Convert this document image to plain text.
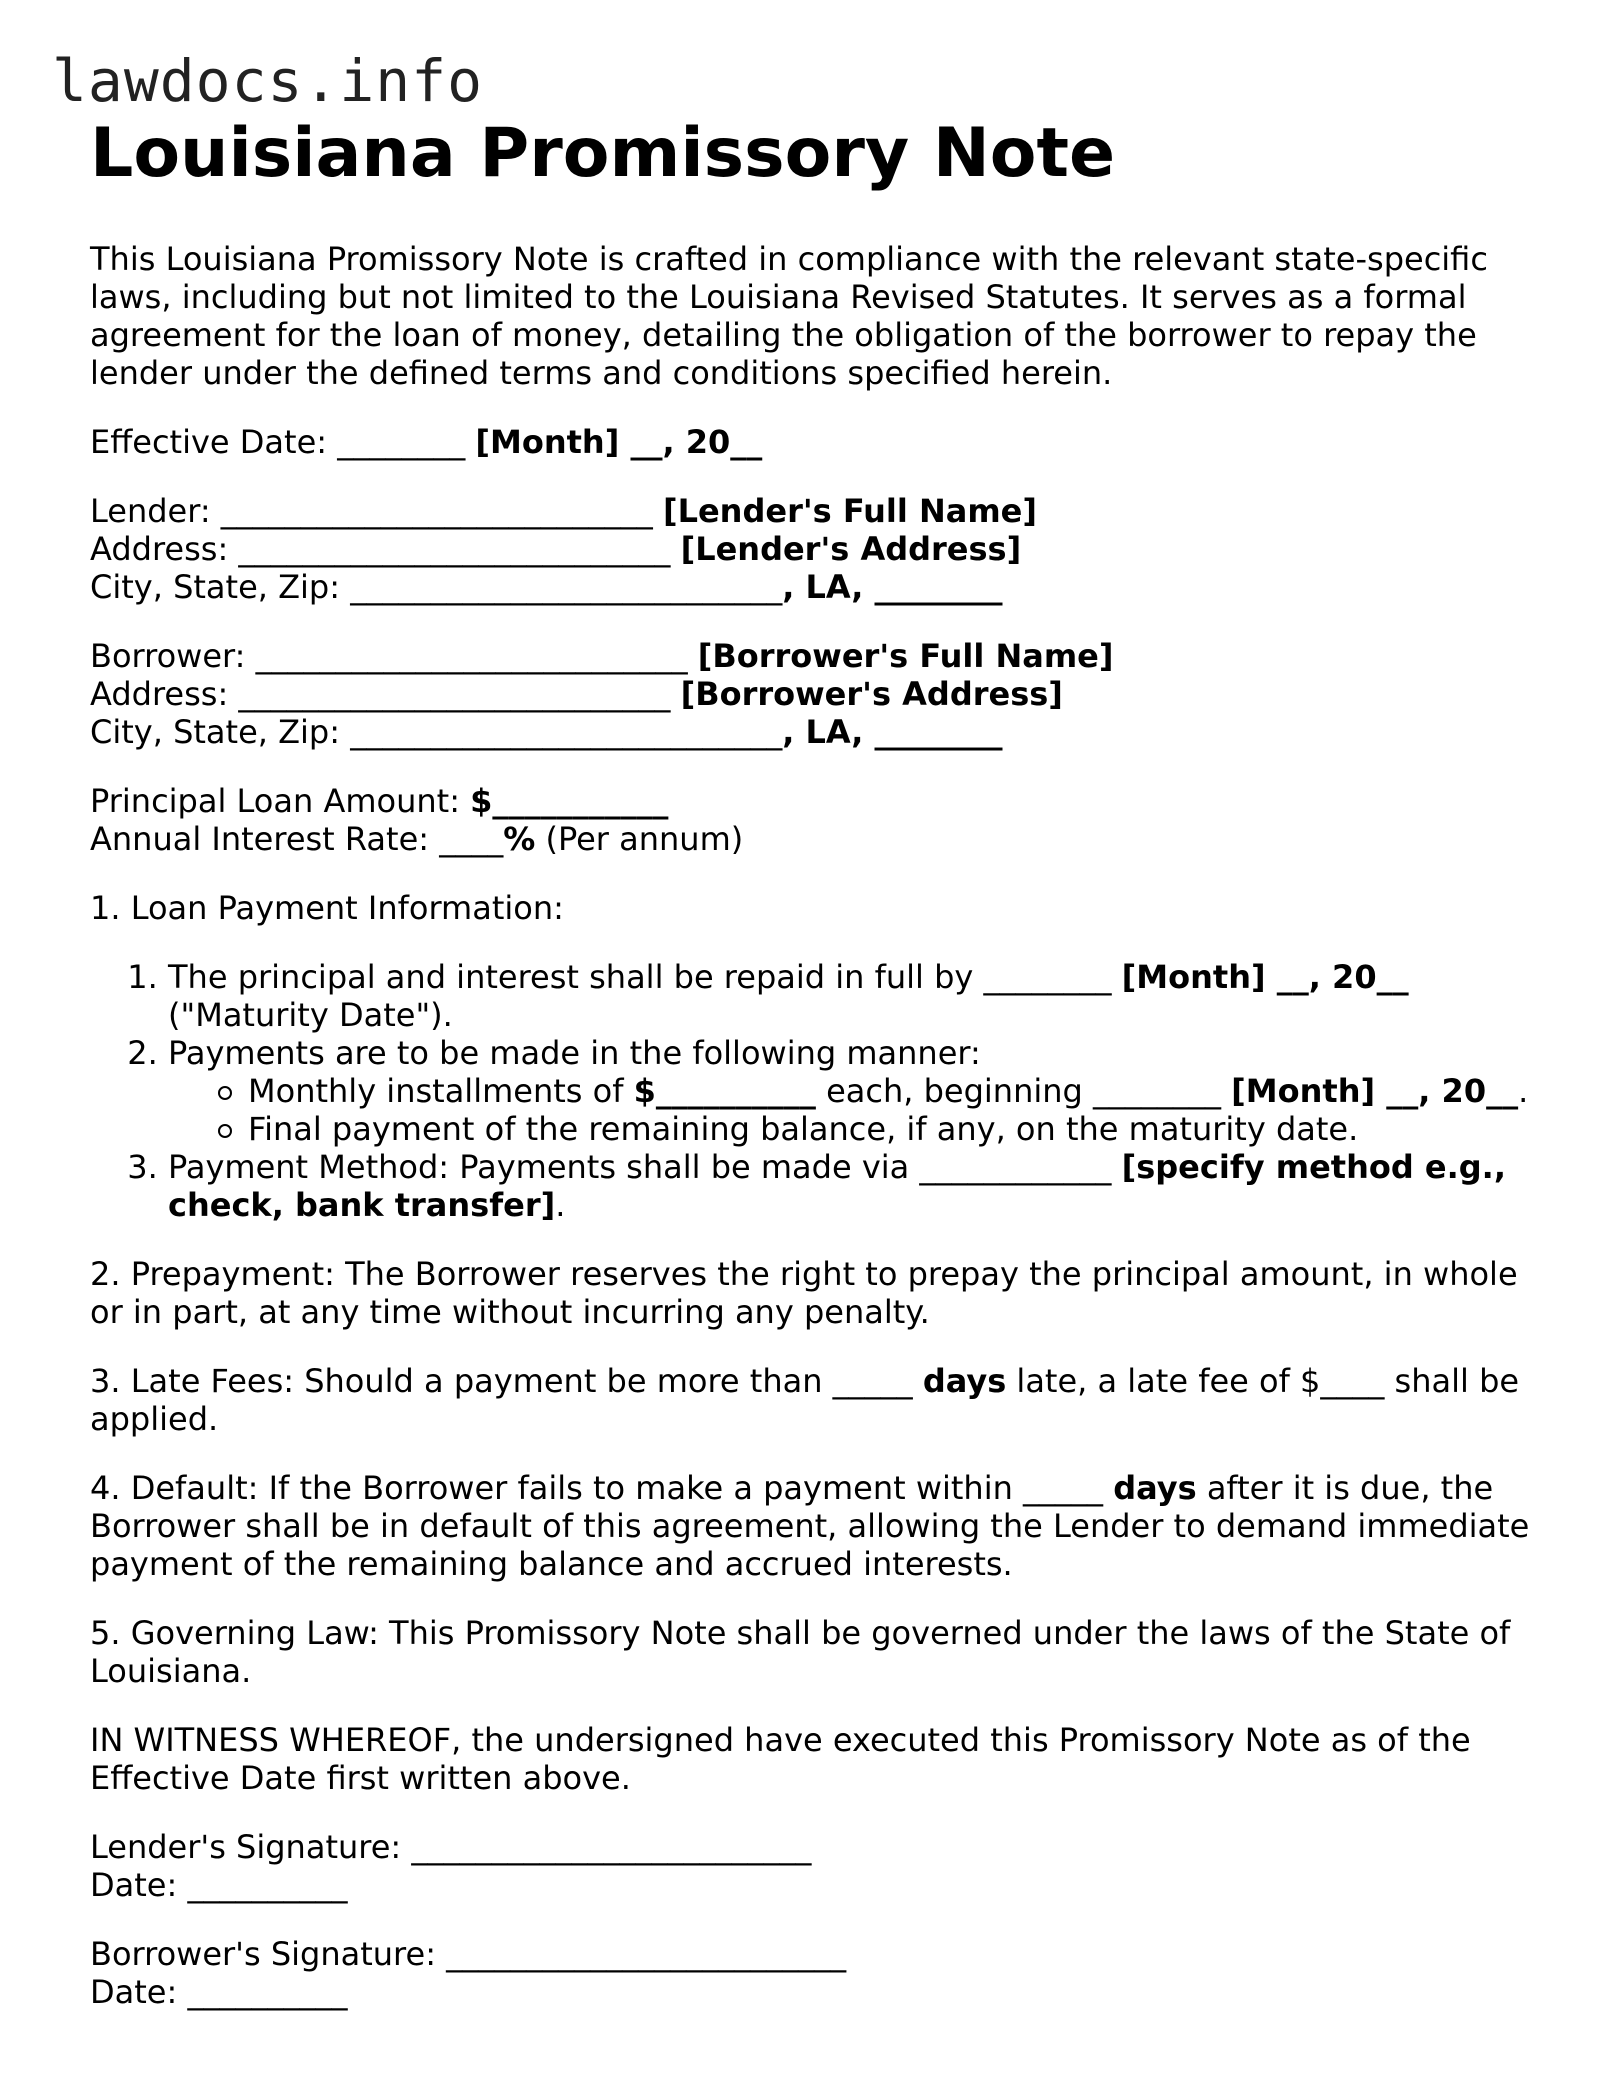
lawdocs.info
Louisiana Promissory Note

This Louisiana Promissory Note is crafted in compliance with the relevant state-specific laws, including but not limited to the Louisiana Revised Statutes. It serves as a formal agreement for the loan of money, detailing the obligation of the borrower to repay the lender under the defined terms and conditions specified herein.

Effective Date: ________ [Month] __, 20__

Lender: ___________________________ [Lender's Full Name]
Address: ___________________________ [Lender's Address]
City, State, Zip: ___________________________, LA, ________
Borrower: ___________________________ [Borrower's Full Name]
Address: ___________________________ [Borrower's Address]
City, State, Zip: ___________________________, LA, ________
Principal Loan Amount: $___________
Annual Interest Rate: ____% (Per annum)

1. Loan Payment Information:

1. The principal and interest shall be repaid in full by ________ [Month] __, 20__
("Maturity Date").
2. Payments are to be made in the following manner:
Monthly installments of $__________ each, beginning ________ [Month] __, 20__.
Final payment of the remaining balance, if any, on the maturity date.
3. Payment Method: Payments shall be made via ____________ [specify method e.g., check, bank transfer].

2. Prepayment: The Borrower reserves the right to prepay the principal amount, in whole or in part, at any time without incurring any penalty.

3. Late Fees: Should a payment be more than _____ days late, a late fee of $____ shall be applied.

4. Default: If the Borrower fails to make a payment within _____ days after it is due, the Borrower shall be in default of this agreement, allowing the Lender to demand immediate payment of the remaining balance and accrued interests.

5. Governing Law: This Promissory Note shall be governed under the laws of the State of Louisiana.

IN WITNESS WHEREOF, the undersigned have executed this Promissory Note as of the Effective Date first written above.

Lender's Signature: _________________________
Date: __________
Borrower's Signature: _________________________
Date: __________
